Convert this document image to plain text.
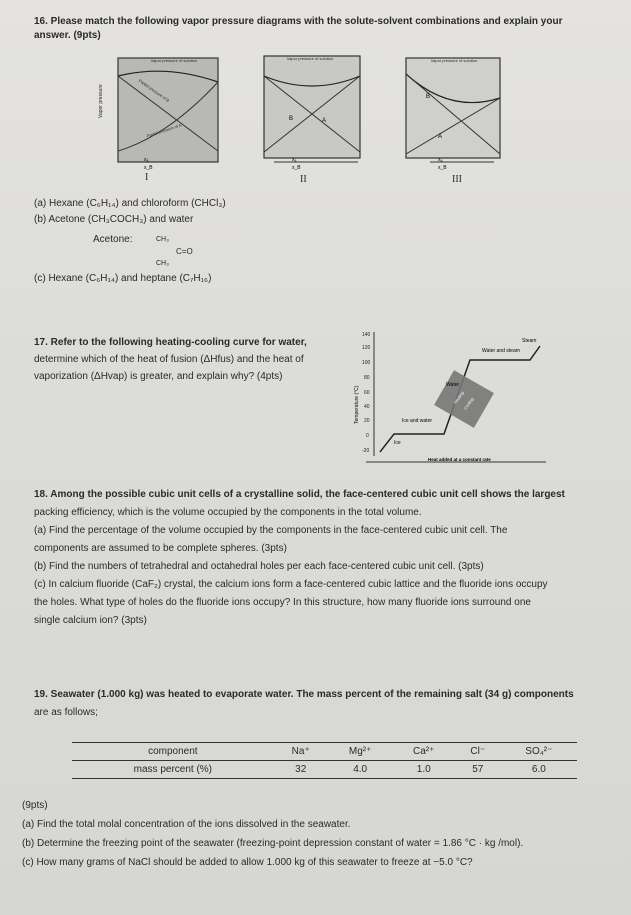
16. Please match the following vapor pressure diagrams with the solute-solvent combinations and explain your
answer. (9pts)
Vapor pressure
Vapor pressure of solution
Partial pressure of B
Partial pressure of A
xₐ
x_B
I
B	A
Vapor pressure of solution
xₐ
x_B
II
B
A
Vapor pressure of solution
xₐ
x_B
III
(a) Hexane (C₆H₁₄) and chloroform (CHCl₃)
(b) Acetone (CH₃COCH₃) and water
Acetone:	CH₃
C=O
CH₃
(c) Hexane (C₆H₁₄) and heptane (C₇H₁₆)
17. Refer to the following heating-cooling curve for water,
determine which of the heat of fusion (ΔHfus) and the heat of
vaporization (ΔHvap) is greater, and explain why? (4pts)
140
120
100
80
60
40
20
0
-20
Temperature (°C)
Ice
Ice and water
Water
Water and steam
Steam
Heating
Cooling
Heat added at a constant rate
18. Among the possible cubic unit cells of a crystalline solid, the face-centered cubic unit cell shows the largest
packing efficiency, which is the volume occupied by the components in the total volume.
(a) Find the percentage of the volume occupied by the components in the face-centered cubic unit cell. The
components are assumed to be complete spheres. (3pts)
(b) Find the numbers of tetrahedral and octahedral holes per each face-centered cubic unit cell. (3pts)
(c) In calcium fluoride (CaF₂) crystal, the calcium ions form a face-centered cubic lattice and the fluoride ions occupy
the holes. What type of holes do the fluoride ions occupy? In this structure, how many fluoride ions surround one
single calcium ion? (3pts)
19. Seawater (1.000 kg) was heated to evaporate water. The mass percent of the remaining salt (34 g) components
are as follows;
component	Na⁺	Mg²⁺	Ca²⁺	Cl⁻	SO₄²⁻
mass percent (%)	32	4.0	1.0	57	6.0
(9pts)
(a) Find the total molal concentration of the ions dissolved in the seawater.
(b) Determine the freezing point of the seawater (freezing-point depression constant of water = 1.86 °C · kg /mol).
(c) How many grams of NaCl should be added to allow 1.000 kg of this seawater to freeze at −5.0 °C?
